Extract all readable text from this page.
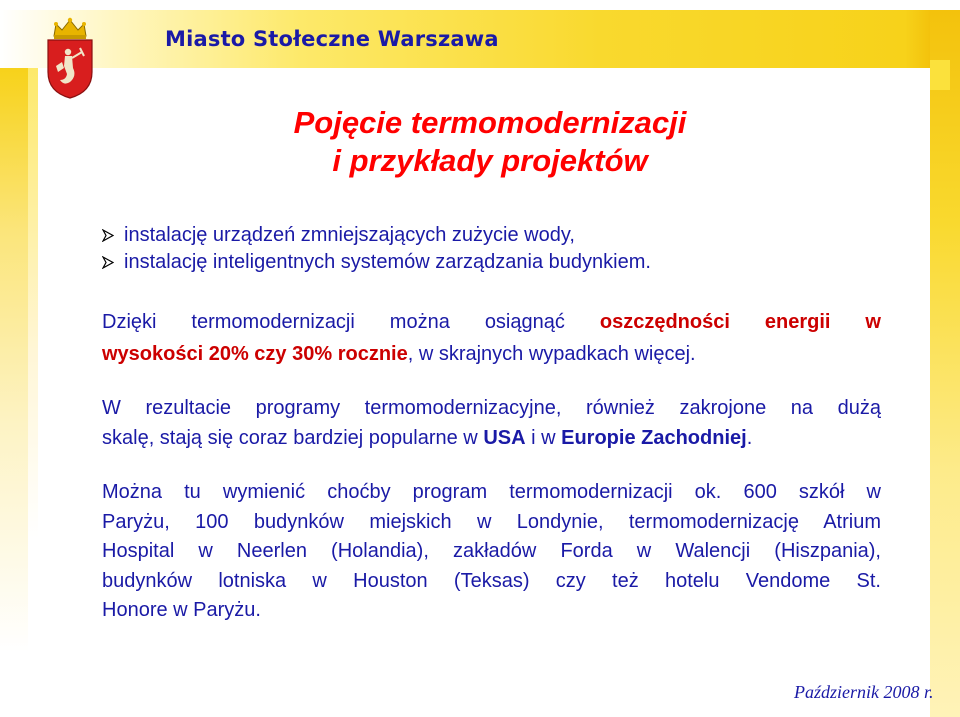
Miasto Stołeczne Warszawa
Pojęcie termomodernizacji
i przykłady projektów
instalację urządzeń zmniejszających zużycie wody,
instalację inteligentnych systemów zarządzania budynkiem.
Dzięki termomodernizacji można osiągnąć oszczędności energii w
wysokości 20% czy 30% rocznie, w skrajnych wypadkach więcej.
W rezultacie programy termomodernizacyjne, również zakrojone na dużą
skalę, stają się coraz bardziej popularne w USA i w Europie Zachodniej.
Można tu wymienić choćby program termomodernizacji ok. 600 szkół w
Paryżu, 100 budynków miejskich w Londynie, termomodernizację Atrium
Hospital w Neerlen (Holandia), zakładów Forda w Walencji (Hiszpania),
budynków lotniska w Houston (Teksas) czy też hotelu Vendome St.
Honore w Paryżu.
Październik 2008 r.
